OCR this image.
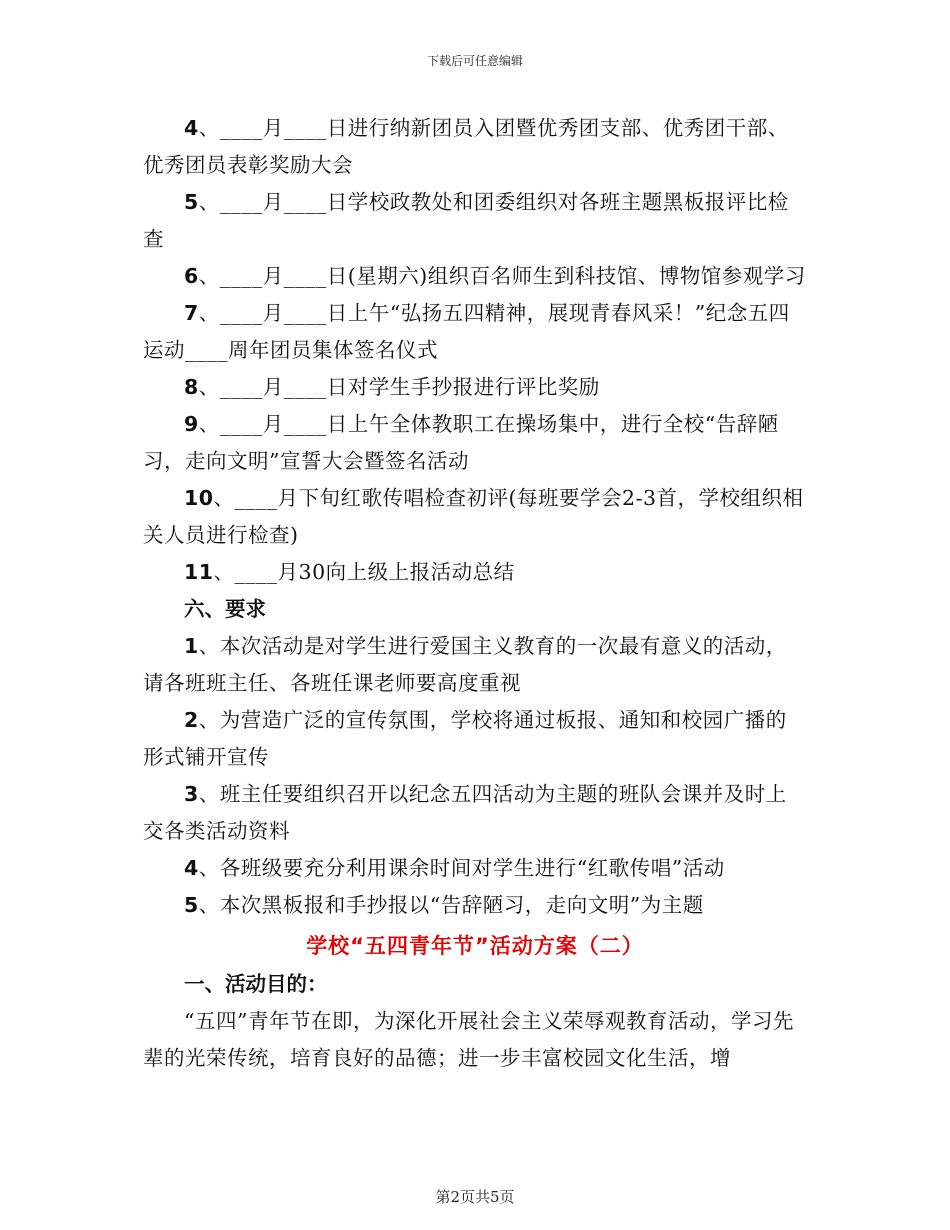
下载后可任意编辑

4、____月____日进行纳新团员入团暨优秀团支部、优秀团干部、优秀团员表彰奖励大会

5、____月____日学校政教处和团委组织对各班主题黑板报评比检查

6、____月____日(星期六)组织百名师生到科技馆、博物馆参观学习

7、____月____日上午“弘扬五四精神，展现青春风采！”纪念五四运动____周年团员集体签名仪式

8、____月____日对学生手抄报进行评比奖励

9、____月____日上午全体教职工在操场集中，进行全校“告辞陋习，走向文明”宣誓大会暨签名活动

10、____月下旬红歌传唱检查初评(每班要学会2-3首，学校组织相关人员进行检查)

11、____月30向上级上报活动总结

六、要求

1、本次活动是对学生进行爱国主义教育的一次最有意义的活动，请各班班主任、各班任课老师要高度重视

2、为营造广泛的宣传氛围，学校将通过板报、通知和校园广播的形式铺开宣传

3、班主任要组织召开以纪念五四活动为主题的班队会课并及时上交各类活动资料

4、各班级要充分利用课余时间对学生进行“红歌传唱”活动

5、本次黑板报和手抄报以“告辞陋习，走向文明”为主题

学校“五四青年节”活动方案（二）

一、活动目的：

“五四”青年节在即，为深化开展社会主义荣辱观教育活动，学习先辈的光荣传统，培育良好的品德；进一步丰富校园文化生活，增

第2页共5页
